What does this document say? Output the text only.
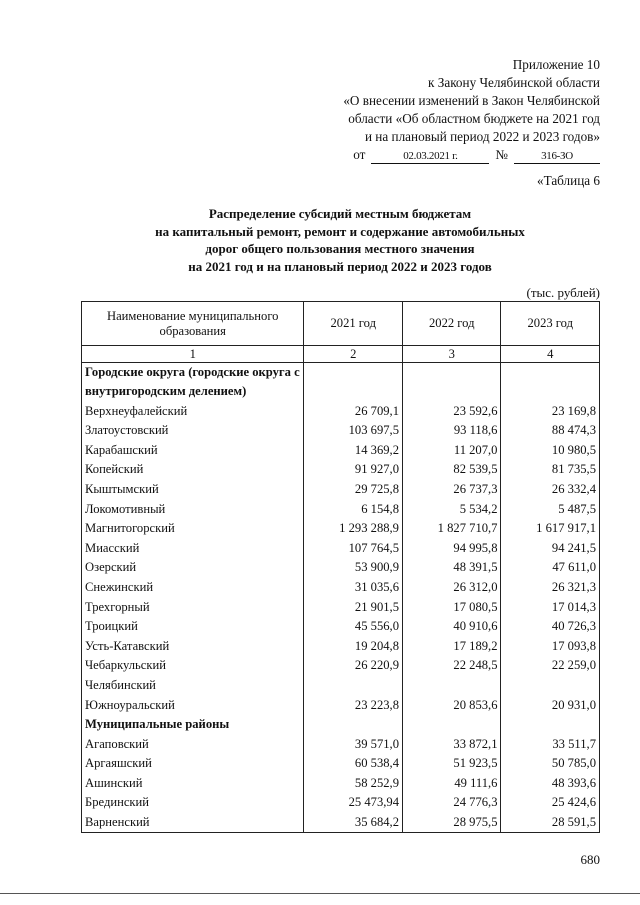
Приложение 10
к Закону Челябинской области
«О внесении изменений в Закон Челябинской
области «Об областном бюджете на 2021 год
и на плановый период 2022 и 2023 годов»
от	02.03.2021 г.	№	316-ЗО
«Таблица 6
Распределение субсидий местным бюджетам
на капитальный ремонт, ремонт и содержание автомобильных
дорог общего пользования местного значения
на 2021 год и на плановый период 2022 и 2023 годов
(тыс. рублей)
Наименование муниципального образования	2021 год	2022 год	2023 год
1	2	3	4
Городские округа (городские округа с внутригородским делением)			
Верхнеуфалейский	26 709,1	23 592,6	23 169,8
Златоустовский	103 697,5	93 118,6	88 474,3
Карабашский	14 369,2	11 207,0	10 980,5
Копейский	91 927,0	82 539,5	81 735,5
Кыштымский	29 725,8	26 737,3	26 332,4
Локомотивный	6 154,8	5 534,2	5 487,5
Магнитогорский	1 293 288,9	1 827 710,7	1 617 917,1
Миасский	107 764,5	94 995,8	94 241,5
Озерский	53 900,9	48 391,5	47 611,0
Снежинский	31 035,6	26 312,0	26 321,3
Трехгорный	21 901,5	17 080,5	17 014,3
Троицкий	45 556,0	40 910,6	40 726,3
Усть-Катавский	19 204,8	17 189,2	17 093,8
Чебаркульский	26 220,9	22 248,5	22 259,0
Челябинский			
Южноуральский	23 223,8	20 853,6	20 931,0
Муниципальные районы			
Агаповский	39 571,0	33 872,1	33 511,7
Аргаяшский	60 538,4	51 923,5	50 785,0
Ашинский	58 252,9	49 111,6	48 393,6
Брединский	25 473,94	24 776,3	25 424,6
Варненский	35 684,2	28 975,5	28 591,5
680
